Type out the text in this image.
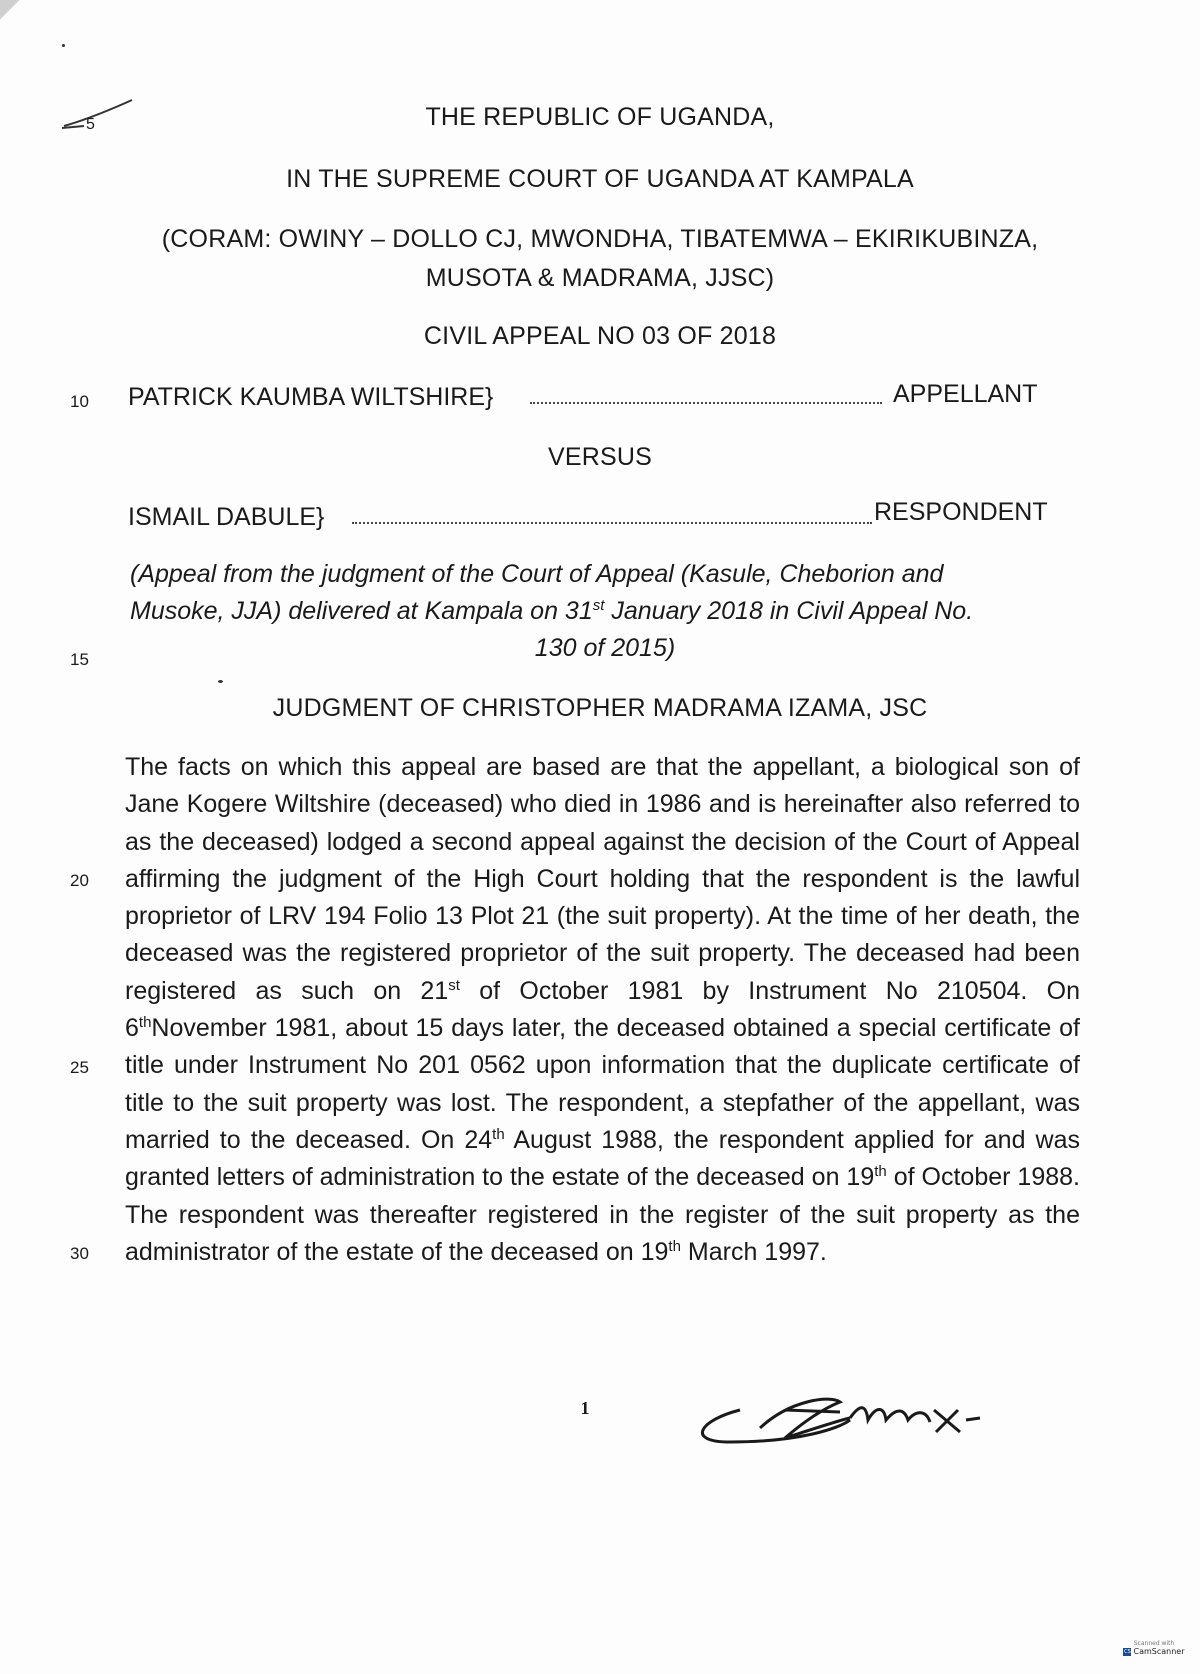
5	THE REPUBLIC OF UGANDA,
IN THE SUPREME COURT OF UGANDA AT KAMPALA
(CORAM: OWINY – DOLLO CJ, MWONDHA, TIBATEMWA – EKIRIKUBINZA,
MUSOTA & MADRAMA, JJSC)
CIVIL APPEAL NO 03 OF 2018
10 PATRICK KAUMBA WILTSHIRE}	APPELLANT
VERSUS
ISMAIL DABULE}	RESPONDENT
(Appeal from the judgment of the Court of Appeal (Kasule, Cheborion and
Musoke, JJA) delivered at Kampala on 31st January 2018 in Civil Appeal No.
130 of 2015)
15
JUDGMENT OF CHRISTOPHER MADRAMA IZAMA, JSC

The facts on which this appeal are based are that the appellant, a biological son of Jane Kogere Wiltshire (deceased) who died in 1986 and is hereinafter also referred to as the deceased) lodged a second appeal against the decision of the Court of Appeal affirming the judgment of the High Court holding that the respondent is the lawful proprietor of LRV 194 Folio 13 Plot 21 (the suit property). At the time of her death, the deceased was the registered proprietor of the suit property. The deceased had been registered as such on 21st of October 1981 by Instrument No 210504. On 6thNovember 1981, about 15 days later, the deceased obtained a special certificate of title under Instrument No 201 0562 upon information that the duplicate certificate of title to the suit property was lost. The respondent, a stepfather of the appellant, was married to the deceased. On 24th August 1988, the respondent applied for and was granted letters of administration to the estate of the deceased on 19th of October 1988. The respondent was thereafter registered in the register of the suit property as the administrator of the estate of the deceased on 19th March 1997.

20
25
30
1
Scanned with
CS CamScanner
